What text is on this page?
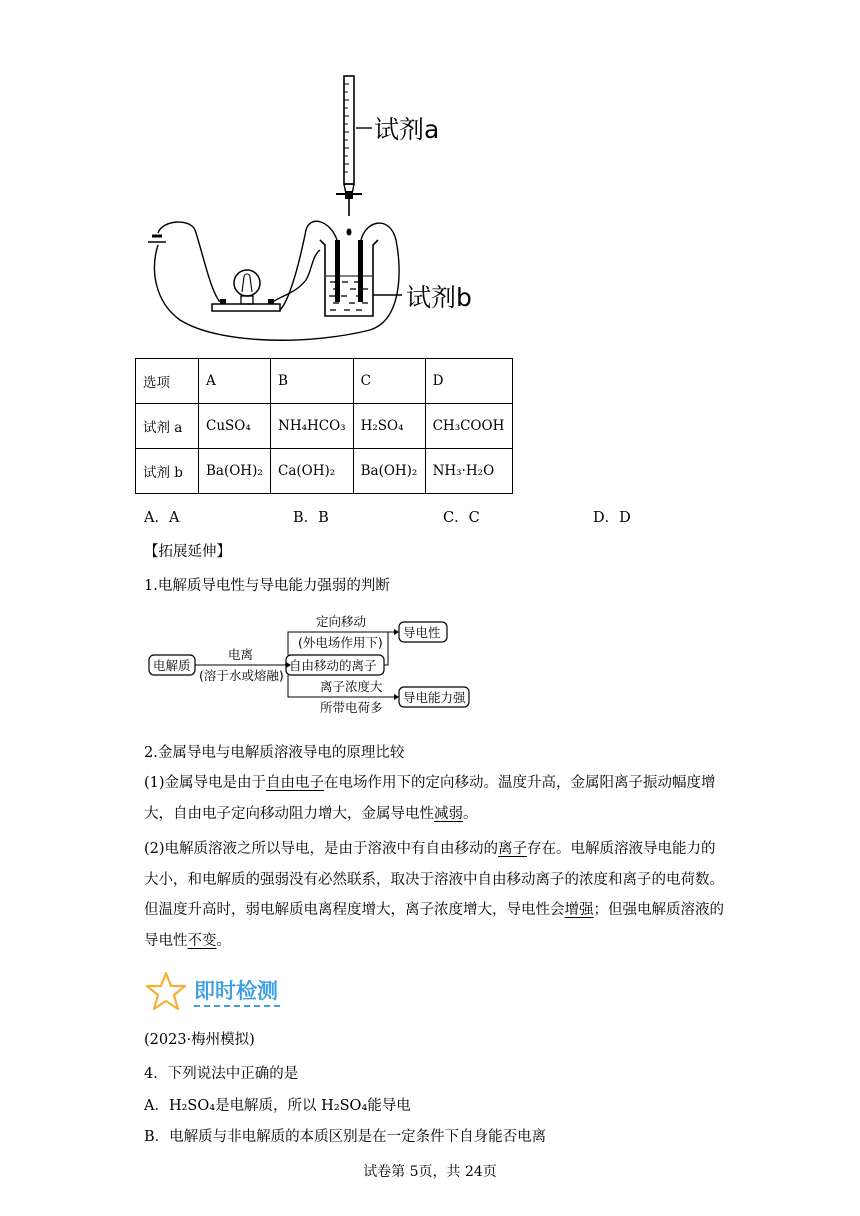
试剂a
试剂b
选项	A	B	C	D
试剂 a	CuSO₄	NH₄HCO₃	H₂SO₄	CH₃COOH
试剂 b	Ba(OH)₂	Ca(OH)₂	Ba(OH)₂	NH₃·H₂O
A．A	B．B	C．C	D．D
【拓展延伸】
1.电解质导电性与导电能力强弱的判断
电解质
电离
(溶于水或熔融)
自由移动的离子
定向移动
(外电场作用下)
导电性
离子浓度大
所带电荷多
导电能力强
2.金属导电与电解质溶液导电的原理比较
(1)金属导电是由于自由电子在电场作用下的定向移动。温度升高，金属阳离子振动幅度增大，自由电子定向移动阻力增大，金属导电性减弱。
(2)电解质溶液之所以导电，是由于溶液中有自由移动的离子存在。电解质溶液导电能力的大小，和电解质的强弱没有必然联系，取决于溶液中自由移动离子的浓度和离子的电荷数。但温度升高时，弱电解质电离程度增大，离子浓度增大，导电性会增强；但强电解质溶液的导电性不变。
即时检测
(2023·梅州模拟)
4．下列说法中正确的是
A．H₂SO₄是电解质，所以 H₂SO₄能导电
B．电解质与非电解质的本质区别是在一定条件下自身能否电离
试卷第 5页，共 24页
